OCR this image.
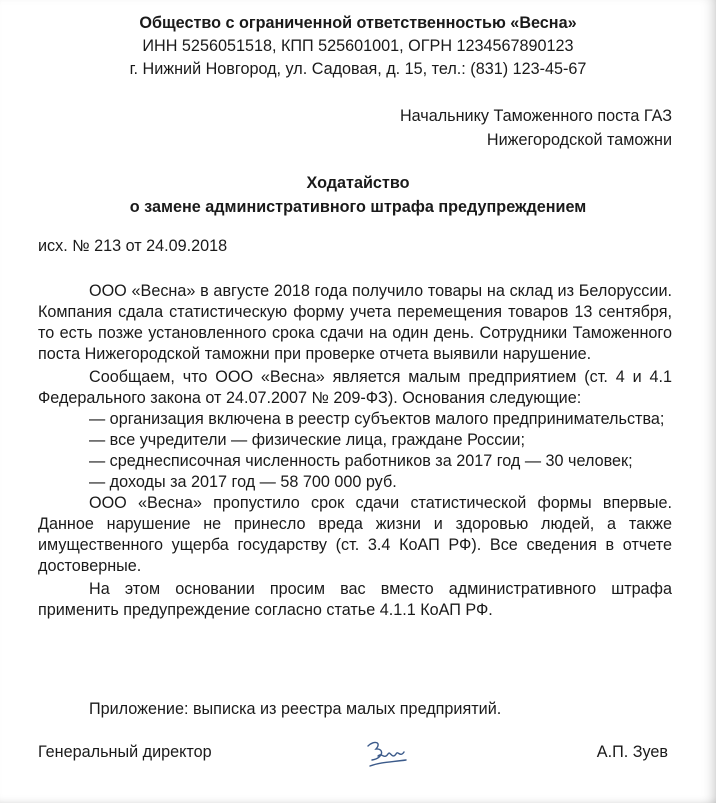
Общество с ограниченной ответственностью «Весна»
ИНН 5256051518, КПП 525601001, ОГРН 1234567890123
г. Нижний Новгород, ул. Садовая, д. 15, тел.: (831) 123-45-67
Начальнику Таможенного поста ГАЗ
Нижегородской таможни
Ходатайство
о замене административного штрафа предупреждением
исх. № 213 от 24.09.2018

ООО «Весна» в августе 2018 года получило товары на склад из Белоруссии. Компания сдала статистическую форму учета перемещения товаров 13 сентября, то есть позже установленного срока сдачи на один день. Сотрудники Таможенного поста Нижегородской таможни при проверке отчета выявили нарушение.

Сообщаем, что ООО «Весна» является малым предприятием (ст. 4 и 4.1 Федерального закона от 24.07.2007 № 209-ФЗ). Основания следующие:

— организация включена в реестр субъектов малого предпринимательства;

— все учредители — физические лица, граждане России;

— среднесписочная численность работников за 2017 год — 30 человек;

— доходы за 2017 год — 58 700 000 руб.

ООО «Весна» пропустило срок сдачи статистической формы впервые. Данное нарушение не принесло вреда жизни и здоровью людей, а также имущественного ущерба государству (ст. 3.4 КоАП РФ). Все сведения в отчете достоверные.

На этом основании просим вас вместо административного штрафа применить предупреждение согласно статье 4.1.1 КоАП РФ.

Приложение: выписка из реестра малых предприятий.
Генеральный директор	А.П. Зуев
